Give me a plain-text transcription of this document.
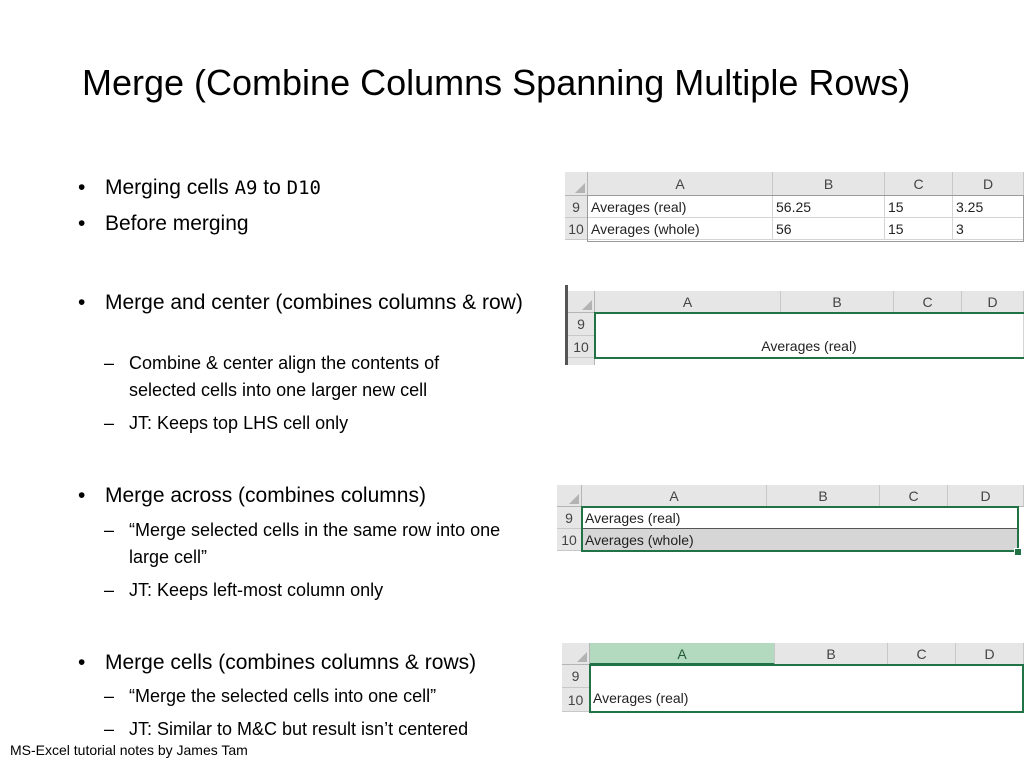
Merge (Combine Columns Spanning Multiple Rows)
Merging cells A9 to D10
Before merging
Merge and center (combines columns & row)
– Combine & center align the contents of selected cells into one larger new cell
– JT: Keeps top LHS cell only
Merge across (combines columns)
– “Merge selected cells in the same row into one large cell”
– JT: Keeps left-most column only
Merge cells (combines columns & rows)
– “Merge the selected cells into one cell”
– JT: Similar to M&C but result isn’t centered
MS-Excel tutorial notes by James Tam
A	B	C	D
9 Averages (real)	56.25	15	3.25
10 Averages (whole)	56	15	3
A	B	C	D
9
10	Averages (real)
A	B	C	D
9 Averages (real)
10 Averages (whole)
A	B	C	D
9
10 Averages (real)
